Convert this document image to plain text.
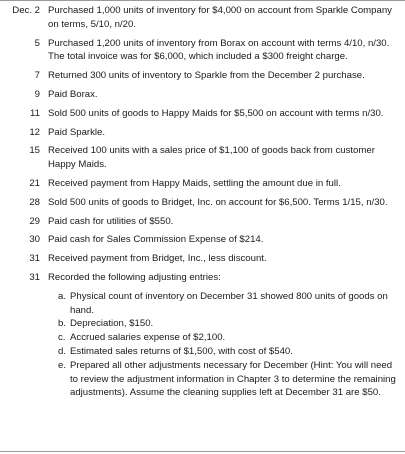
Dec. 2 Purchased 1,000 units of inventory for $4,000 on account from Sparkle Company on terms, 5/10, n/20.
5 Purchased 1,200 units of inventory from Borax on account with terms 4/10, n/30. The total invoice was for $6,000, which included a $300 freight charge.
7 Returned 300 units of inventory to Sparkle from the December 2 purchase.
9 Paid Borax.
11 Sold 500 units of goods to Happy Maids for $5,500 on account with terms n/30.
12 Paid Sparkle.
15 Received 100 units with a sales price of $1,100 of goods back from customer Happy Maids.
21 Received payment from Happy Maids, settling the amount due in full.
28 Sold 500 units of goods to Bridget, Inc. on account for $6,500. Terms 1/15, n/30.
29 Paid cash for utilities of $550.
30 Paid cash for Sales Commission Expense of $214.
31 Received payment from Bridget, Inc., less discount.
31 Recorded the following adjusting entries:
a. Physical count of inventory on December 31 showed 800 units of goods on hand.
b. Depreciation, $150.
c. Accrued salaries expense of $2,100.
d. Estimated sales returns of $1,500, with cost of $540.
e. Prepared all other adjustments necessary for December (Hint: You will need to review the adjustment information in Chapter 3 to determine the remaining adjustments). Assume the cleaning supplies left at December 31 are $50.
